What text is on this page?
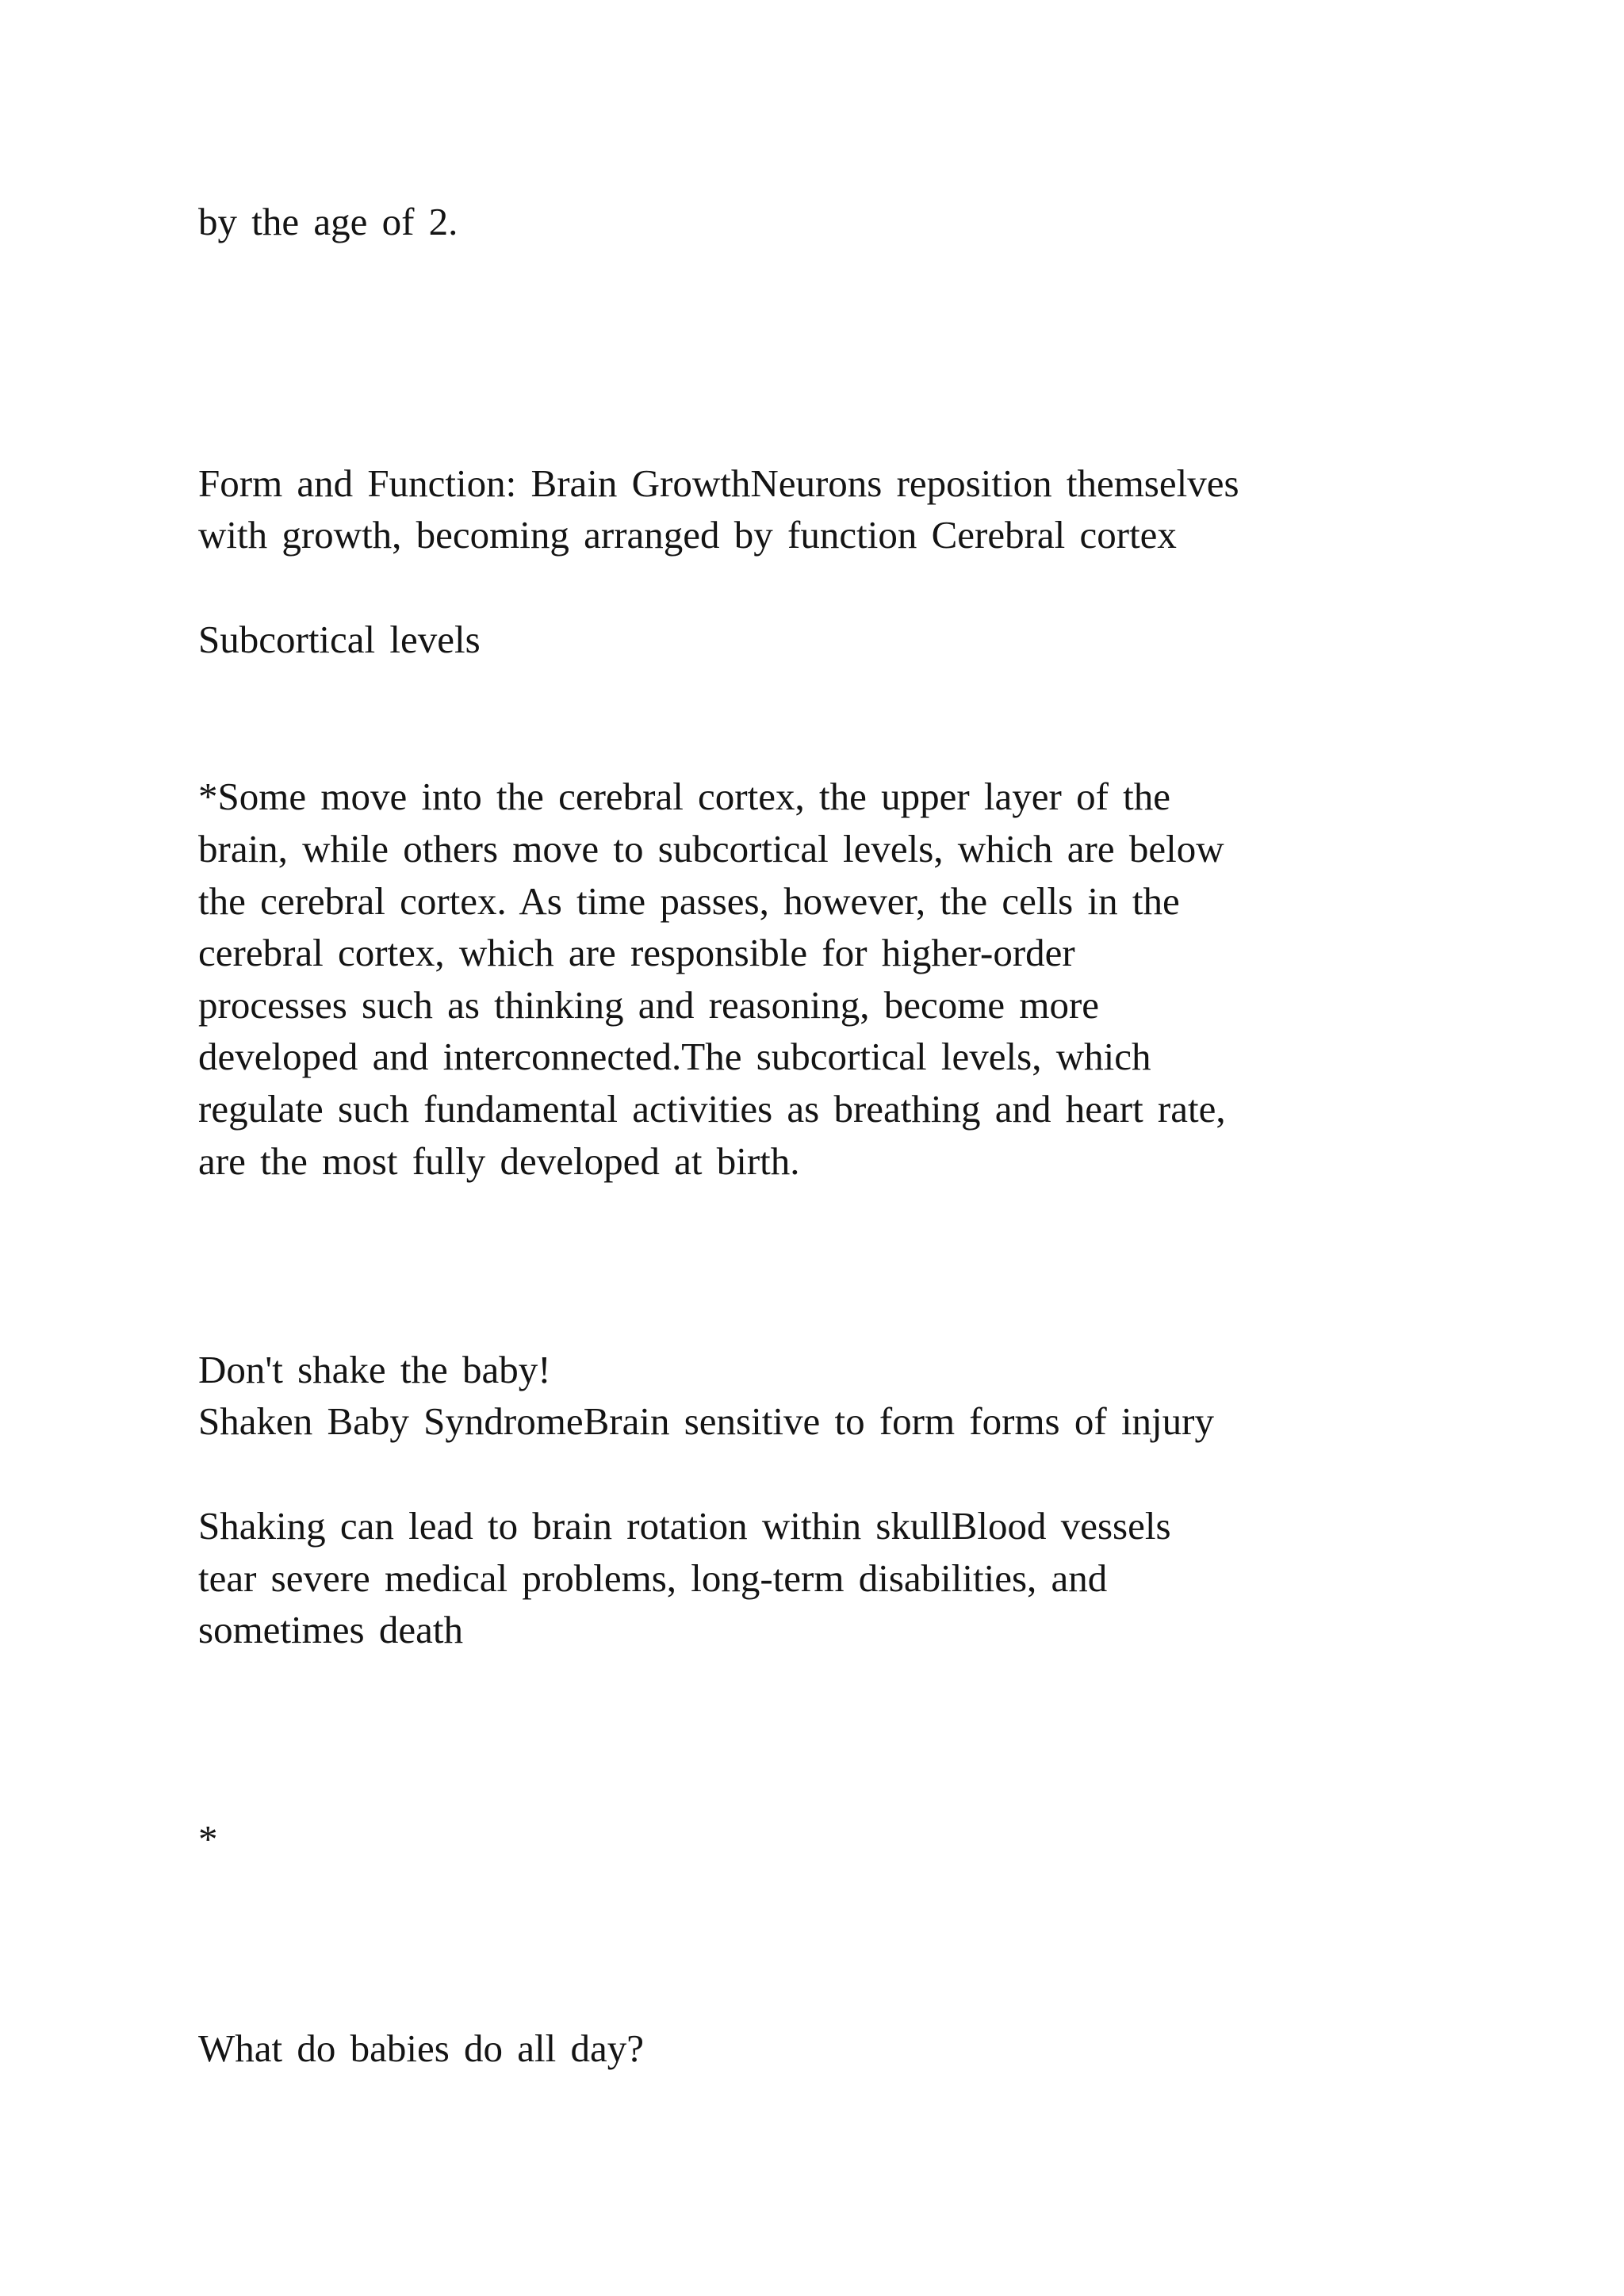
by the age of 2.

Form and Function: Brain GrowthNeurons reposition themselves

with growth, becoming arranged by function Cerebral cortex

Subcortical levels

*Some move into the cerebral cortex, the upper layer of the

brain, while others move to subcortical levels, which are below

the cerebral cortex. As time passes, however, the cells in the

cerebral cortex, which are responsible for higher-order

processes such as thinking and reasoning, become more

developed and interconnected.The subcortical levels, which

regulate such fundamental activities as breathing and heart rate,

are the most fully developed at birth.

Don't shake the baby!

Shaken Baby SyndromeBrain sensitive to form forms of injury

Shaking can lead to brain rotation within skullBlood vessels

tear severe medical problems, long-term disabilities, and

sometimes death

*

What do babies do all day?
